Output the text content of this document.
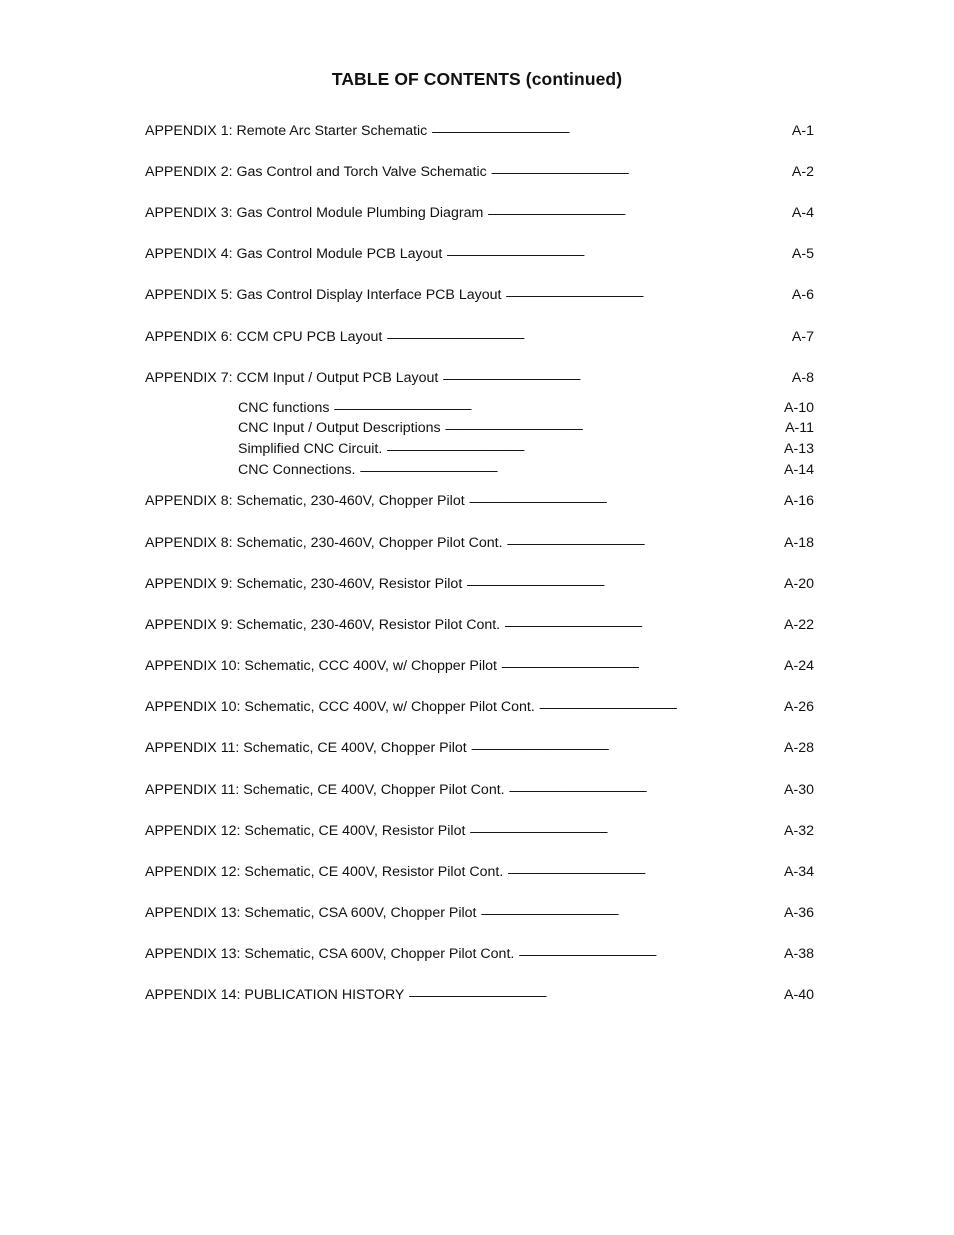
TABLE OF CONTENTS (continued)
APPENDIX 1: Remote Arc Starter Schematic . . .	A-1
APPENDIX 2: Gas Control and Torch Valve Schematic . . .	A-2
APPENDIX 3: Gas Control Module Plumbing Diagram . . .	A-4
APPENDIX 4: Gas Control Module PCB Layout . . .	A-5
APPENDIX 5: Gas Control Display Interface PCB Layout . . .	A-6
APPENDIX 6: CCM CPU PCB Layout . . .	A-7
APPENDIX 7: CCM Input / Output PCB Layout . . .	A-8
CNC functions . . .	A-10
CNC Input / Output Descriptions . . .	A-11
Simplified CNC Circuit. . . .	A-13
CNC Connections. . . .	A-14
APPENDIX 8: Schematic, 230-460V, Chopper Pilot . . .	A-16
APPENDIX 8: Schematic, 230-460V, Chopper Pilot Cont. . . .	A-18
APPENDIX 9: Schematic, 230-460V, Resistor Pilot . . .	A-20
APPENDIX 9: Schematic, 230-460V, Resistor Pilot Cont. . . .	A-22
APPENDIX 10: Schematic, CCC 400V, w/ Chopper Pilot . . .	A-24
APPENDIX 10: Schematic, CCC 400V, w/ Chopper Pilot Cont. . . .	A-26
APPENDIX 11: Schematic, CE 400V, Chopper Pilot . . .	A-28
APPENDIX 11: Schematic, CE 400V, Chopper Pilot Cont. . . .	A-30
APPENDIX 12: Schematic, CE 400V, Resistor Pilot . . .	A-32
APPENDIX 12: Schematic, CE 400V, Resistor Pilot Cont. . . .	A-34
APPENDIX 13: Schematic, CSA 600V, Chopper Pilot . . .	A-36
APPENDIX 13: Schematic, CSA 600V, Chopper Pilot Cont. . . .	A-38
APPENDIX 14: PUBLICATION HISTORY . . .	A-40
